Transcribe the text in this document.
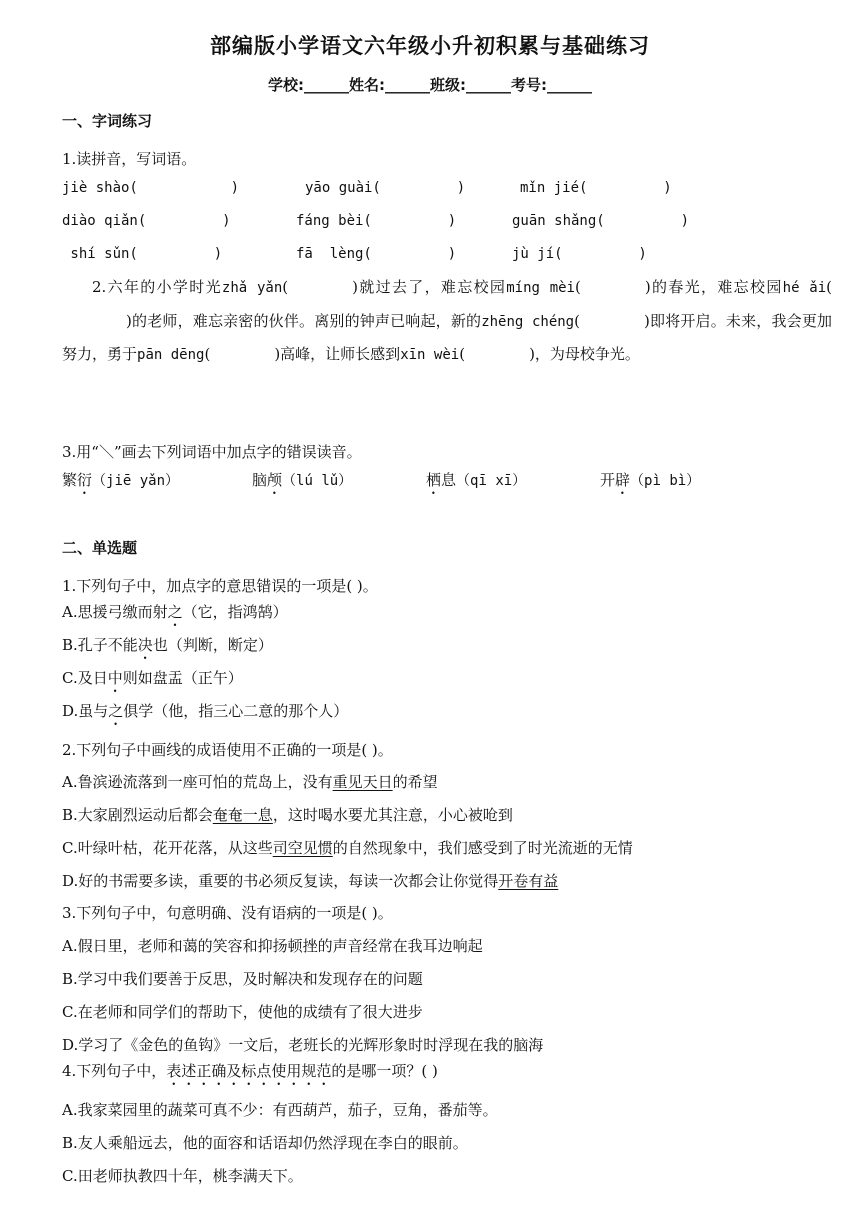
部编版小学语文六年级小升初积累与基础练习
学校:______姓名:______班级:______考号:______
一、字词练习
1.读拼音，写词语。
jiè shào(           )	yāo guài(         )	mǐn jié(         )
diào qiǎn(         )	fáng bèi(         )	guān shǎng(         )
shí sǔn(         )	fā  lèng(         )	jù jí(         )
2.六年的小学时光zhǎ yǎn(	)就过去了，难忘校园míng mèi(	)的春光，难忘校园hé ǎi()的老师，难忘亲密的伙伴。离别的钟声已响起，新的zhēng chéng(	)即将开启。未来，我会更加努力，勇于pān dēng(	)高峰，让师长感到xīn wèi(	)，为母校争光。
3.用“＼”画去下列词语中加点字的错误读音。
繁衍（jiē yǎn）	脑颅（lú lǔ）	栖息（qī xī）	开辟（pì bì）
二、单选题
1.下列句子中，加点字的意思错误的一项是( )。
A.思援弓缴而射之（它，指鸿鹄）
B.孔子不能决也（判断，断定）
C.及日中则如盘盂（正午）
D.虽与之俱学（他，指三心二意的那个人）
2.下列句子中画线的成语使用不正确的一项是( )。
A.鲁滨逊流落到一座可怕的荒岛上，没有重见天日的希望
B.大家剧烈运动后都会奄奄一息，这时喝水要尤其注意，小心被呛到
C.叶绿叶枯，花开花落，从这些司空见惯的自然现象中，我们感受到了时光流逝的无情
D.好的书需要多读，重要的书必须反复读，每读一次都会让你觉得开卷有益
3.下列句子中，句意明确、没有语病的一项是( )。
A.假日里，老师和蔼的笑容和抑扬顿挫的声音经常在我耳边响起
B.学习中我们要善于反思，及时解决和发现存在的问题
C.在老师和同学们的帮助下，使他的成绩有了很大进步
D.学习了《金色的鱼钩》一文后，老班长的光辉形象时时浮现在我的脑海
4.下列句子中，表述正确及标点使用规范的是哪一项？( )
A.我家菜园里的蔬菜可真不少：有西葫芦，茄子，豆角，番茄等。
B.友人乘船远去，他的面容和话语却仍然浮现在李白的眼前。
C.田老师执教四十年，桃李满天下。
